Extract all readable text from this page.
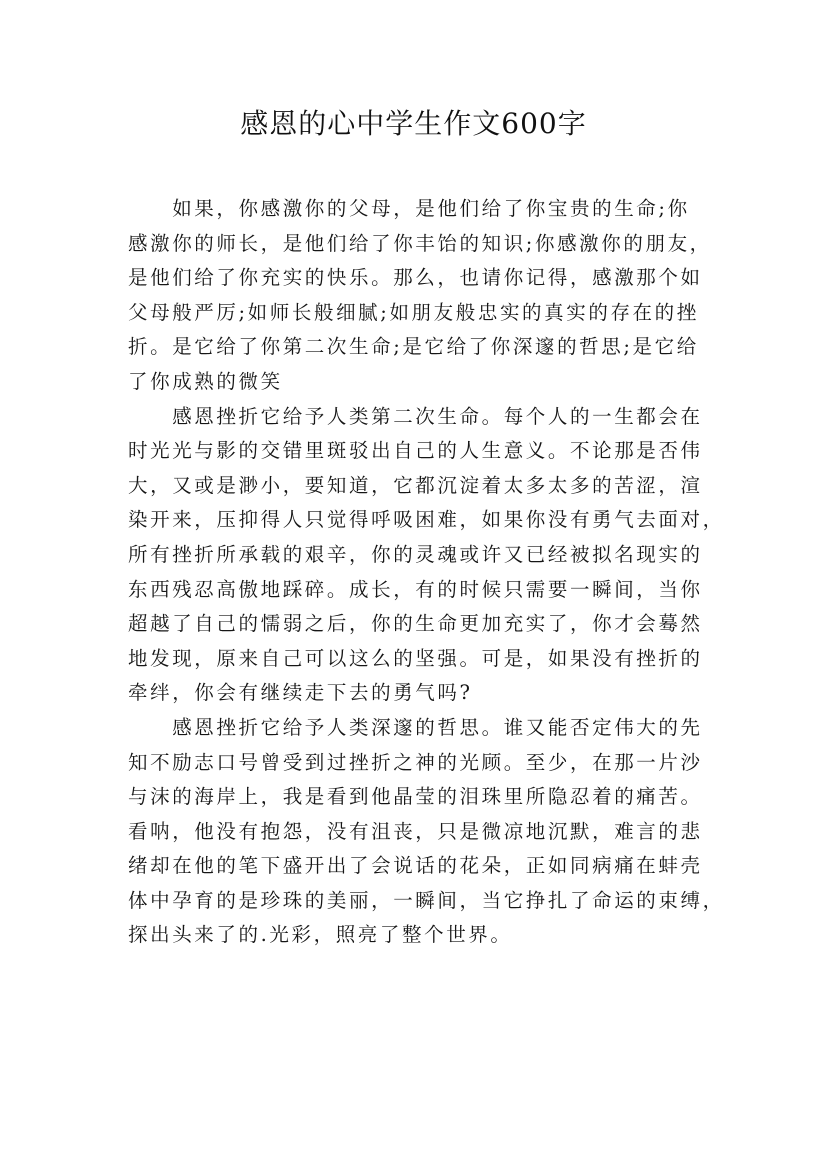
感恩的心中学生作文600字

　　如果，你感激你的父母，是他们给了你宝贵的生命;你
感激你的师长，是他们给了你丰饴的知识;你感激你的朋友，
是他们给了你充实的快乐。那么，也请你记得，感激那个如
父母般严厉;如师长般细腻;如朋友般忠实的真实的存在的挫
折。是它给了你第二次生命;是它给了你深邃的哲思;是它给
了你成熟的微笑

　　感恩挫折它给予人类第二次生命。每个人的一生都会在
时光光与影的交错里斑驳出自己的人生意义。不论那是否伟
大，又或是渺小，要知道，它都沉淀着太多太多的苦涩，渲
染开来，压抑得人只觉得呼吸困难，如果你没有勇气去面对，
所有挫折所承载的艰辛，你的灵魂或许又已经被拟名现实的
东西残忍高傲地踩碎。成长，有的时候只需要一瞬间，当你
超越了自己的懦弱之后，你的生命更加充实了，你才会蓦然
地发现，原来自己可以这么的坚强。可是，如果没有挫折的
牵绊，你会有继续走下去的勇气吗?

　　感恩挫折它给予人类深邃的哲思。谁又能否定伟大的先
知不励志口号曾受到过挫折之神的光顾。至少，在那一片沙
与沫的海岸上，我是看到他晶莹的泪珠里所隐忍着的痛苦。
看呐，他没有抱怨，没有沮丧，只是微凉地沉默，难言的悲
绪却在他的笔下盛开出了会说话的花朵，正如同病痛在蚌壳
体中孕育的是珍珠的美丽，一瞬间，当它挣扎了命运的束缚，
探出头来了的.光彩，照亮了整个世界。
